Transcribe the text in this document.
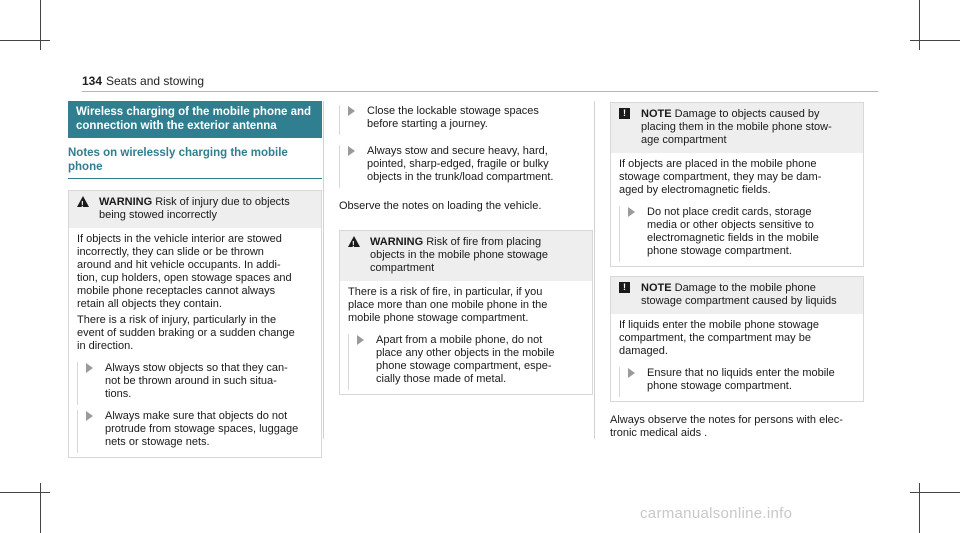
134 Seats and stowing
Wireless charging of the mobile phone and
connection with the exterior antenna
Notes on wirelessly charging the mobile
phone
!
WARNING Risk of injury due to objects
being stowed incorrectly

If objects in the vehicle interior are stowed
incorrectly, they can slide or be thrown
around and hit vehicle occupants. In addi-
tion, cup holders, open stowage spaces and
mobile phone receptacles cannot always
retain all objects they contain.

There is a risk of injury, particularly in the
event of sudden braking or a sudden change
in direction.

Always stow objects so that they can-
not be thrown around in such situa-
tions.
Always make sure that objects do not
protrude from stowage spaces, luggage
nets or stowage nets.
Close the lockable stowage spaces
before starting a journey.
Always stow and secure heavy, hard,
pointed, sharp-edged, fragile or bulky
objects in the trunk/load compartment.
Observe the notes on loading the vehicle.
!
WARNING Risk of fire from placing
objects in the mobile phone stowage
compartment

There is a risk of fire, in particular, if you
place more than one mobile phone in the
mobile phone stowage compartment.

Apart from a mobile phone, do not
place any other objects in the mobile
phone stowage compartment, espe-
cially those made of metal.
!	NOTE Damage to objects caused by
placing them in the mobile phone stow-
age compartment

If objects are placed in the mobile phone
stowage compartment, they may be dam-
aged by electromagnetic fields.

Do not place credit cards, storage
media or other objects sensitive to
electromagnetic fields in the mobile
phone stowage compartment.
!	NOTE Damage to the mobile phone
stowage compartment caused by liquids

If liquids enter the mobile phone stowage
compartment, the compartment may be
damaged.

Ensure that no liquids enter the mobile
phone stowage compartment.
Always observe the notes for persons with elec-
tronic medical aids .
carmanualsonline.info
